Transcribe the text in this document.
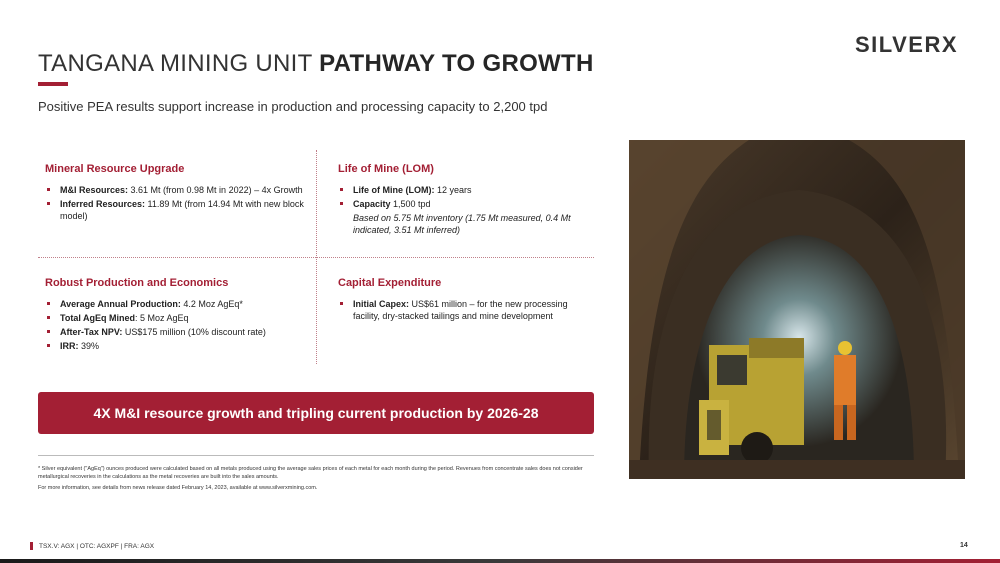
TANGANA MINING UNIT PATHWAY TO GROWTH
Positive PEA results support increase in production and processing capacity to 2,200 tpd
SILVERX
Mineral Resource Upgrade
M&I Resources: 3.61 Mt (from 0.98 Mt in 2022) – 4x Growth
Inferred Resources: 11.89 Mt (from 14.94 Mt with new block model)
Life of Mine (LOM)
Life of Mine (LOM): 12 years
Capacity 1,500 tpd
Based on 5.75 Mt inventory (1.75 Mt measured, 0.4 Mt indicated, 3.51 Mt inferred)
Robust Production and Economics
Average Annual Production: 4.2 Moz AgEq*
Total AgEq Mined: 5 Moz AgEq
After-Tax NPV: US$175 million (10% discount rate)
IRR: 39%
Capital Expenditure
Initial Capex: US$61 million – for the new processing facility, dry-stacked tailings and mine development
4X M&I resource growth and tripling current production by 2026-28

* Silver equivalent ("AgEq") ounces produced were calculated based on all metals produced using the average sales prices of each metal for each month during the period. Revenues from concentrate sales does not consider metallurgical recoveries in the calculations as the metal recoveries are built into the sales amounts.

For more information, see details from news release dated February 14, 2023, available at www.silverxmining.com.

TSX.V: AGX | OTC: AGXPF | FRA: AGX	14
